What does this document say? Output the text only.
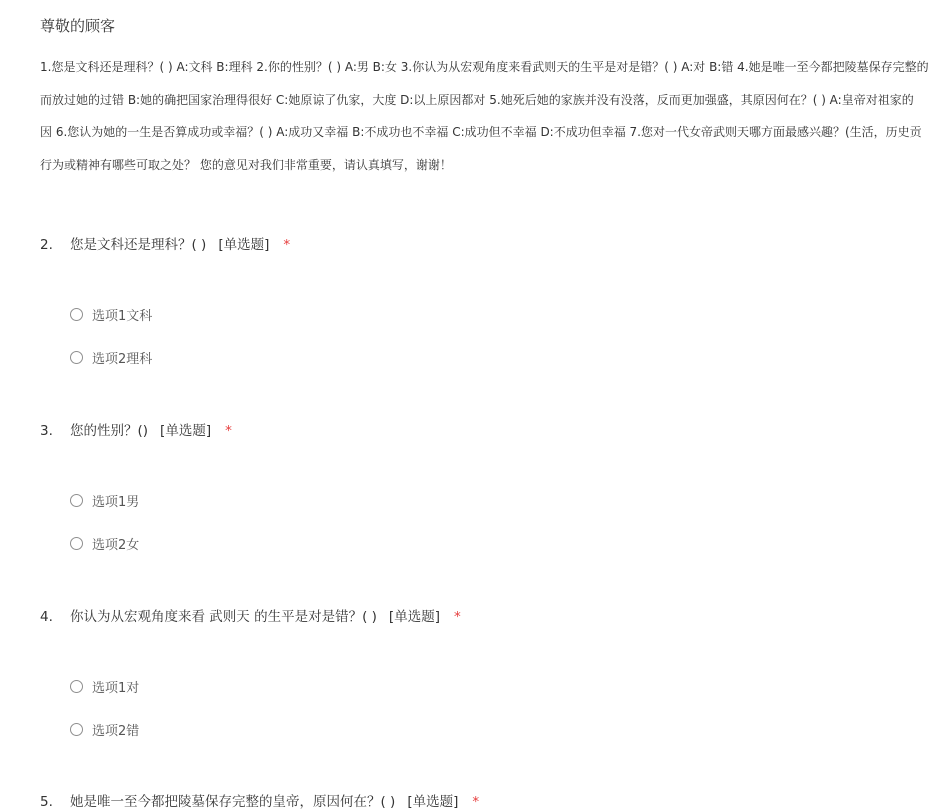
尊敬的顾客
1.您是文科还是理科？( ) A:文科 B:理科 2.你的性别？( ) A:男 B:女 3.你认为从宏观角度来看武则天的生平是对是错？( ) A:对 B:错 4.她是唯一至今都把陵墓保存完整的
而放过她的过错 B:她的确把国家治理得很好 C:她原谅了仇家，大度 D:以上原因都对 5.她死后她的家族并没有没落，反而更加强盛，其原因何在？( ) A:皇帝对祖家的
因 6.您认为她的一生是否算成功或幸福？( ) A:成功又幸福 B:不成功也不幸福 C:成功但不幸福 D:不成功但幸福 7.您对一代女帝武则天哪方面最感兴趣？(生活，历史贡
行为或精神有哪些可取之处？ 您的意见对我们非常重要，请认真填写，谢谢！
2. 您是文科还是理科？( ) [单选题] *
选项1文科
选项2理科
3. 您的性别？() [单选题] *
选项1男
选项2女
4. 你认为从宏观角度来看 武则天 的生平是对是错？( ) [单选题] *
选项1对
选项2错
5. 她是唯一至今都把陵墓保存完整的皇帝，原因何在？( ) [单选题] *
